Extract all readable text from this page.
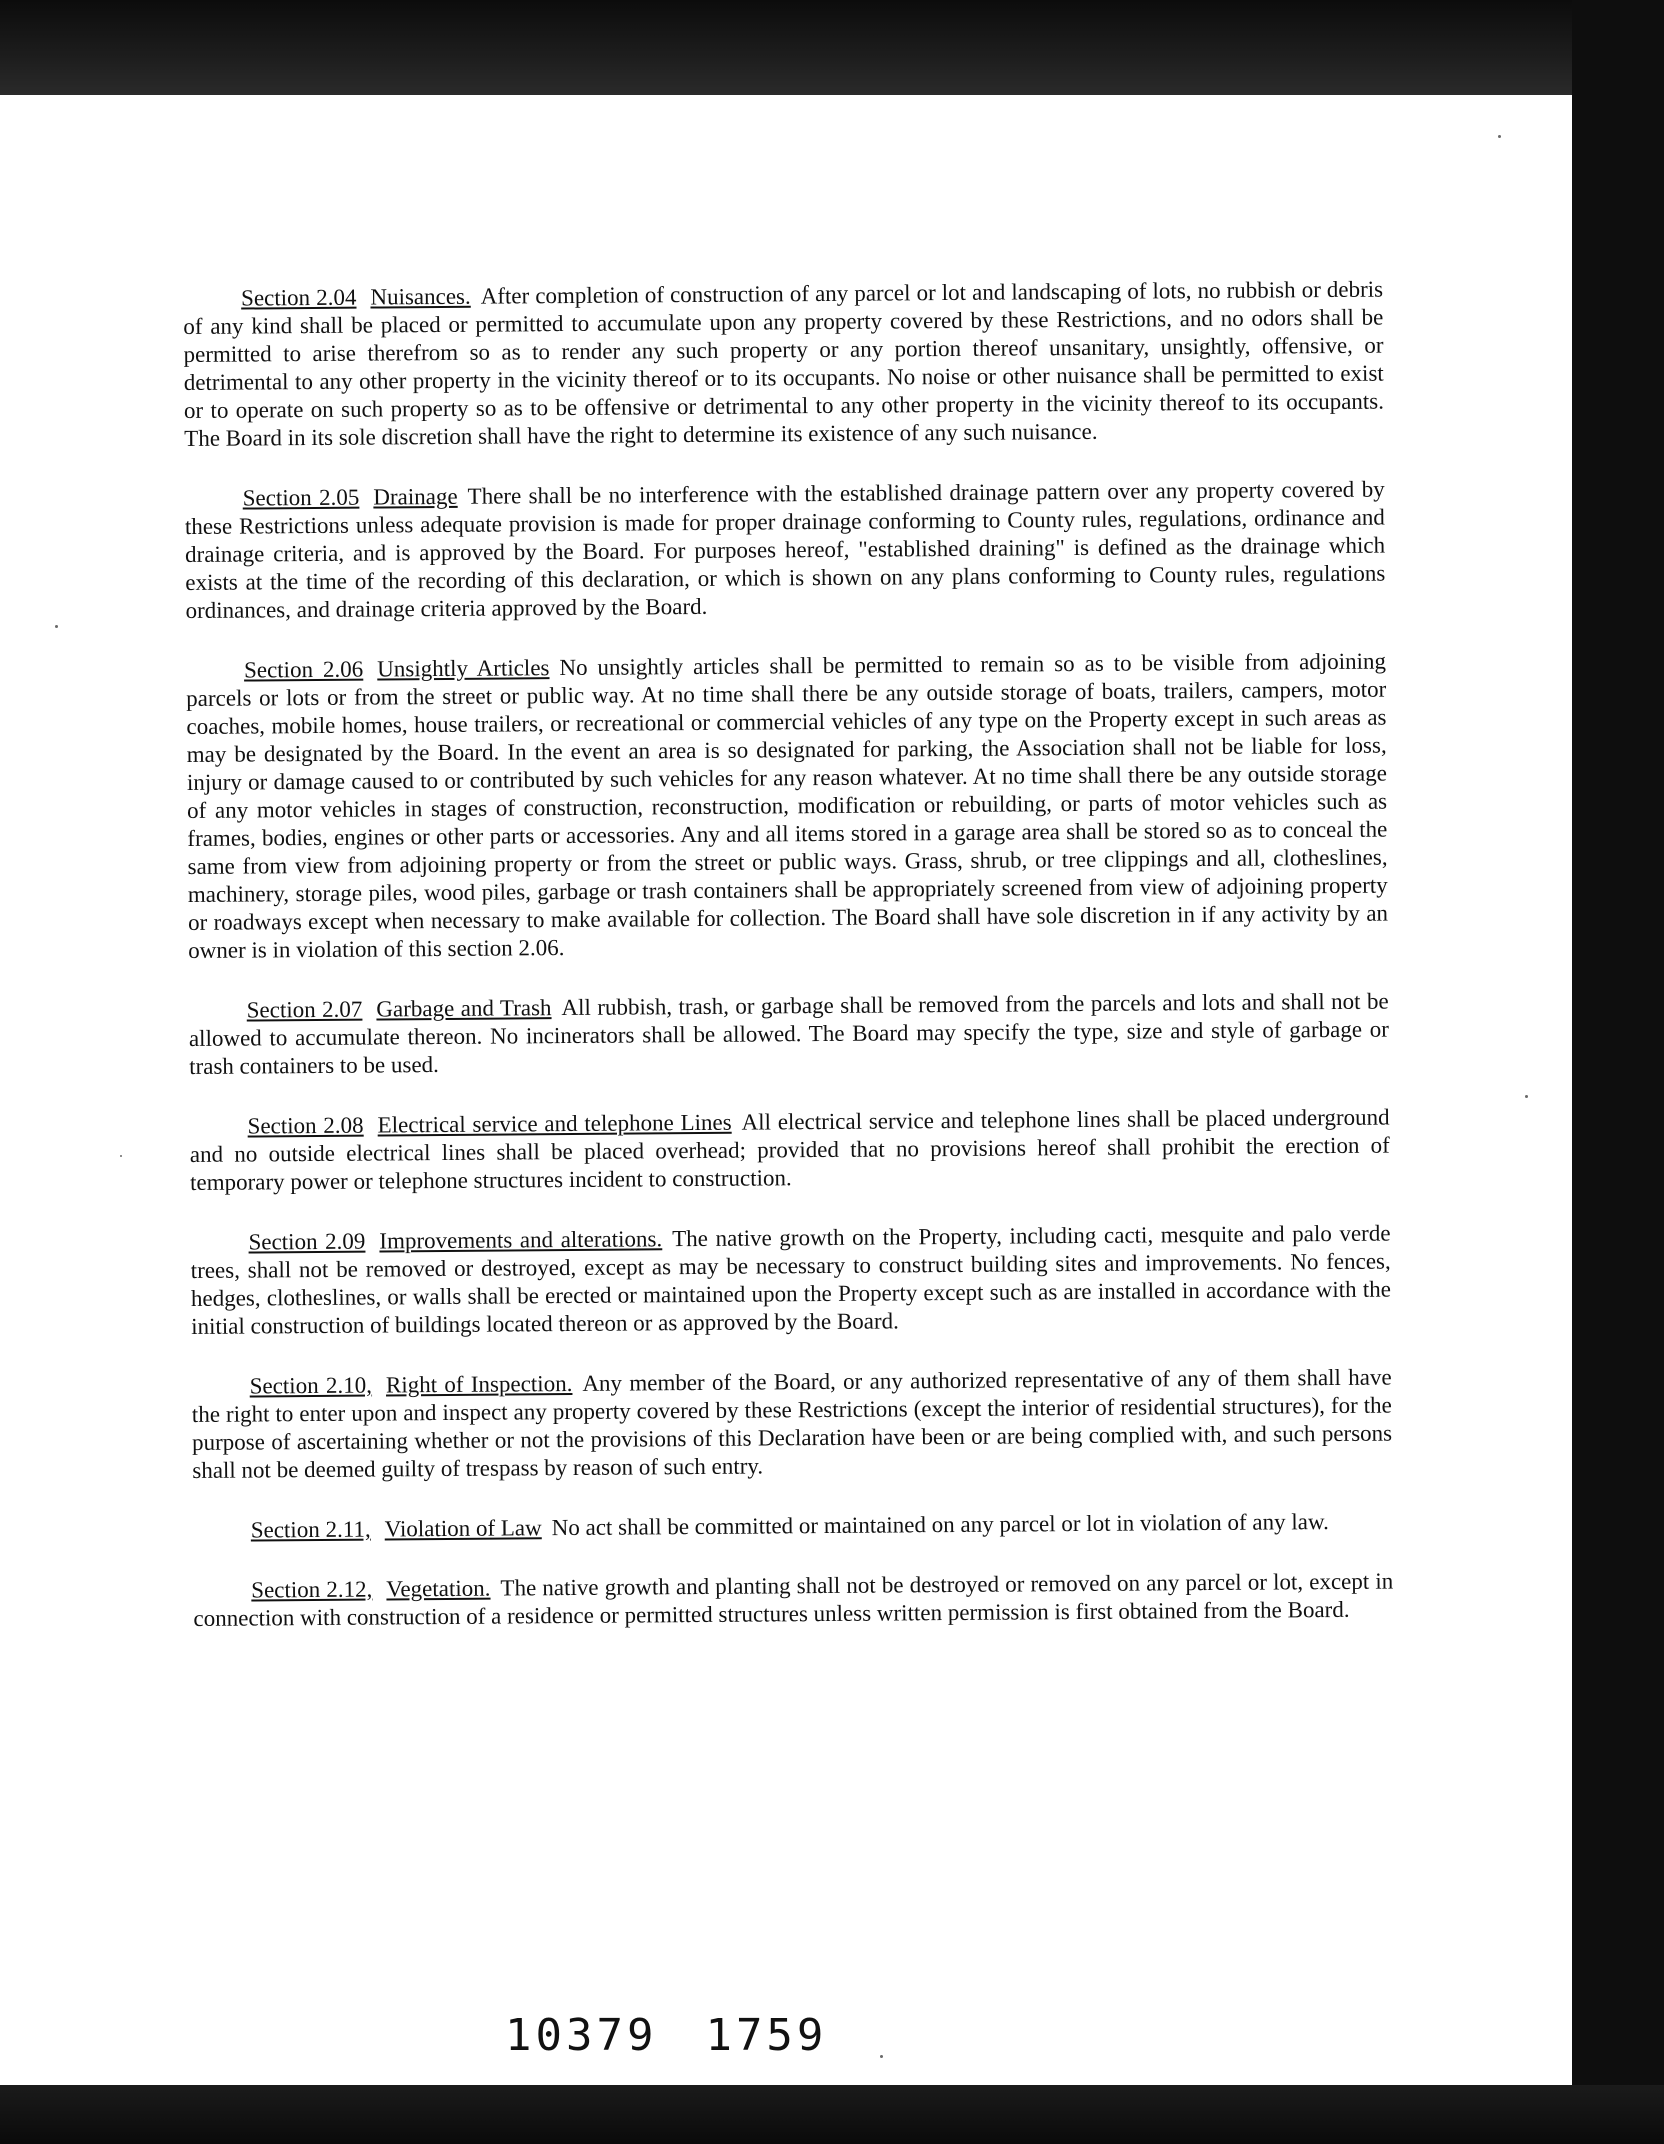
Section 2.04 Nuisances. After completion of construction of any parcel or lot and landscaping of lots, no rubbish or debris of any kind shall be placed or permitted to accumulate upon any property covered by these Restrictions, and no odors shall be permitted to arise therefrom so as to render any such property or any portion thereof unsanitary, unsightly, offensive, or detrimental to any other property in the vicinity thereof or to its occupants. No noise or other nuisance shall be permitted to exist or to operate on such property so as to be offensive or detrimental to any other property in the vicinity thereof to its occupants. The Board in its sole discretion shall have the right to determine its existence of any such nuisance.

Section 2.05 Drainage There shall be no interference with the established drainage pattern over any property covered by these Restrictions unless adequate provision is made for proper drainage conforming to County rules, regulations, ordinance and drainage criteria, and is approved by the Board. For purposes hereof, "established draining" is defined as the drainage which exists at the time of the recording of this declaration, or which is shown on any plans conforming to County rules, regulations ordinances, and drainage criteria approved by the Board.

Section 2.06 Unsightly Articles No unsightly articles shall be permitted to remain so as to be visible from adjoining parcels or lots or from the street or public way. At no time shall there be any outside storage of boats, trailers, campers, motor coaches, mobile homes, house trailers, or recreational or commercial vehicles of any type on the Property except in such areas as may be designated by the Board. In the event an area is so designated for parking, the Association shall not be liable for loss, injury or damage caused to or contributed by such vehicles for any reason whatever. At no time shall there be any outside storage of any motor vehicles in stages of construction, reconstruction, modification or rebuilding, or parts of motor vehicles such as frames, bodies, engines or other parts or accessories. Any and all items stored in a garage area shall be stored so as to conceal the same from view from adjoining property or from the street or public ways. Grass, shrub, or tree clippings and all, clotheslines, machinery, storage piles, wood piles, garbage or trash containers shall be appropriately screened from view of adjoining property or roadways except when necessary to make available for collection. The Board shall have sole discretion in if any activity by an owner is in violation of this section 2.06.

Section 2.07 Garbage and Trash All rubbish, trash, or garbage shall be removed from the parcels and lots and shall not be allowed to accumulate thereon. No incinerators shall be allowed. The Board may specify the type, size and style of garbage or trash containers to be used.

Section 2.08 Electrical service and telephone Lines All electrical service and telephone lines shall be placed underground and no outside electrical lines shall be placed overhead; provided that no provisions hereof shall prohibit the erection of temporary power or telephone structures incident to construction.

Section 2.09 Improvements and alterations. The native growth on the Property, including cacti, mesquite and palo verde trees, shall not be removed or destroyed, except as may be necessary to construct building sites and improvements. No fences, hedges, clotheslines, or walls shall be erected or maintained upon the Property except such as are installed in accordance with the initial construction of buildings located thereon or as approved by the Board.

Section 2.10, Right of Inspection. Any member of the Board, or any authorized representative of any of them shall have the right to enter upon and inspect any property covered by these Restrictions (except the interior of residential structures), for the purpose of ascertaining whether or not the provisions of this Declaration have been or are being complied with, and such persons shall not be deemed guilty of trespass by reason of such entry.

Section 2.11, Violation of Law No act shall be committed or maintained on any parcel or lot in violation of any law.

Section 2.12, Vegetation. The native growth and planting shall not be destroyed or removed on any parcel or lot, except in connection with construction of a residence or permitted structures unless written permission is first obtained from the Board.

10379 1759
